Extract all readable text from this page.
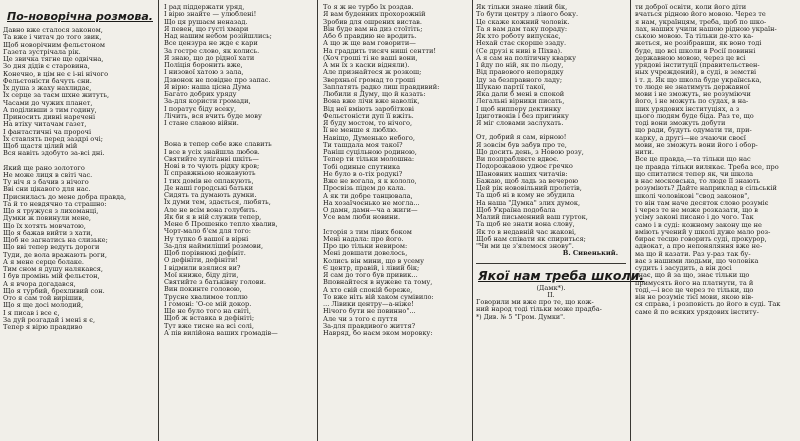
По-новорічна розмова.
Давно вже сталося законом,
Та вже і читач до того звик,
Щоб новорічним фельєтоном
Газета зустрічала рік.
Це звичка тягне ще одвічна,
Зо дня дідів є старовина,
Конечно, в цім не є і-ні нічого
Фельєтоністи бачуть сни.
Їх душа з жаху нахлидає,
Їх серце за таєм шхне житуть,
Часами до чужих планет,
А поділивши з тим годину,
Приносить дивні наречені
На втіху читачам газет,
І фантастичні ча пророчі
Їх ставлять перед заздрі очі;
Щоб щастя цілий мій
Вся навіть здобуто за-всі дні.
Який ще рано золотого
Не може лиця в світі час.
Ту ніч я з бачив з нічого
Вві сни цікавого для нас.
Присниласъ до мене добра правда,
Та й то невдячно та страшно:
Що я тружуся з лихоманці,
Думки ж повинули мене,
Що їх хотять мовчатою,
Що я бажав вийти з хати,
Щоб не загнатись на слизьке;
Що вві тепер ведуть дороги
Туди, де вола вражають роги,
А я мене серце болаке.
Тим сном я душу налякався,
І був промінь мій фельєтон,
А я вчора догадався,
Що я турбий, брехливий сон.
Ото я сам той вирішив,
Що я ще досі молодий,
І я писав і все є,
За дуй розгадай і мені я є,
Тепер я вірю правдиво
І рад піддержати уряд,
І вірю знайте — улюблені!
Що ця рушаєм неназад.
Я певен, що густі хмари
Над нашим небом розійшлись;
Все цензура не жде є кари
За гостре слово, як колись.
Я знаю, що до рідної хати
Поліція боронить вже,
І низової хатою з зала,
Дзвонок не повідне про запас.
Я вірю: наша цісна Дума
Багато добрих уряду
За-для користи громади,
І поратує біду всеку,
Лічить, вся вчить буде мову
І стане славою війни.
Вона в тепер себе вже славить
І все в усіх знайшла любов.
Святийте хуліганві шкіть—
Нові в то чують рідку кров;
Її справжньою ножавують
І тих домів не оплакують,
Де наші городські батьки
Сидять та думають думки.
Їх думи тем, здається, любять,
Але не всім вона голубить.
Як би я в ній служив тепер,
Мене б Прошенко тепло хвалив,
Чорт-мало б'єм для того:
Ну тупко б вашої в вірні
За-для наймилішиї розмови,
Щоб порівнюкі дефініт.
О дефініти, дефініти!
І відмили взялися ви?
Мої книже, біду діти,
Святийте з батьківну голови.
Вин покинте головою,
Трусне хвалимое топлю
І гомоні: 'О-се мій докор.
Ще не було того на світі,
Щоб ж вставка в дефініті;
Тут вже тисне на всі солі,
А пів вилійона ваших громадів—
То я ж не турбо їх роздав.
Я вам буденних прохорожній
Зробив для ошрених вистав.
Він буде вам на диз стоїтіть;
Або б правдию не вродить.
А що ж ще вам говорити—
На граддить тисяч ниші сентти!
(Хоч гроші ті не ваші вони,
А мн їх з каски відняли).
Але признайтеся ж розкош;
Зверхньої громад то гроші
Заплатять радко лиш правдивий:
Любили я Думу, що й казать:
Вона вже лічи вже наволік,
Від неї вміють заробіткові
Фельєтоністи дуп її вжіть.
Я буду мостом, то нічого,
Її не менше я люблю.
Навіщо, Думенько небого,
Ти ташдала моя такої?
Раніш суцільною родиною,
Тепер ти тільки молошна:
Тобі одиные спутника
Не було в о-тіх родукі?
Вже не вогала, я к кололо,
Просвізь підем до кала.
А як ти добре танцювала,
На хозаїчоєнько не могла...
О дамн, дамн—ча а жиги—
Усе вам люби новини.
Історія з тим лівих боком
Мені надала: про його.
Про цю тільки невиром:
Мені довшати довелось,
Колисъ він мини, що в усему
Є центр, правій, і лівий бік;
Я сам до того був привик...
Вповнайтеся в нужеве та тому,
А хто свій спокій береже,
То вже ніть вій хаком сумівило:
... Лівики центру—а-ніже!
Нічого бути не повинно"...
Але чи з того є пуття
За-для правдивого життя?
Навряд, бо наєм эком моровку:
Як тільки знане лівий бік,
То бути центру з лівого боку.
Це скаже кожний чоловік.
Та я вам дам таку пораду:
Як хто роботу випускає,
Нехай стає скорше ззаду.
(Се друзі к ниві в Піхва).
А я сам на політичну кварку
І йду по ній, як по льоду,
Від правового непорядку
Іду за безправного ладу;
Шукаю партії такої,
Яка дали б мені в спокой
Легальні вірники писать,
І щоб нипперу дектинку
Ідиготвоків і без пригинку
Я міг словами заслухать.
От, добрий я сам, вірною!
Я зовсім був забув про те,
Що досить день, з Новою розу,
Ви позпрабляєте вдвоє.
Подорожавою удвоє гречко
Шановних наших читачів:
Бажаю, щоб ладь за вечерою
Цей рік нововільний пролетів,
Та щоб ні в кому не збудила
На наша "Думка" злих думок,
Щоб Україна подобала
Малий письменний ваш гурток,
Та щоб не знати вона слову,
Як то в недавній час жакові,
Щоб нам співати як спириться;
"Чи ми це з'ялемося знову".
В. Сивенький.
Якої нам треба школи.
(Дамк*).
II.
Говорили ми вже про те, що кож-
ний народ тоді тільки може прадба-
*) Див. № 5 "Гром. Думки".
ти доброї освіти, коли його діти
вчаться рідною його мовою. Через те
я нам, українцям, треба, щоб по шко-
лах, наших учили нашою рідною україн-
ською мовою. Та тільки де-хто ка-
жеться, не розібравши, як воно тоді
буде, що всі школи в Росії повинні
державною мовою, через це всі
урядові інституції (правительствен-
ных учреждений), в суді, в земстві
і т. д. Як що школа буде українська,
то люде не знатимуть державної
мови і не зможуть, не розуміючи
його, і не можуть по судах, в на-
ших урядових інституціях, а з
цього людям буде біда. Раз те, що
тоді вони зможуть добути
що ради, будуть одумати ти, при-
карку, а другі—не зчаючи своєї
мови, не зможуть вони його і обор-
нити.
Все це правда,—та тільки що нас
це правда тільки вилякає. Треба все, про
що спитатися тепер як, чи школа
в нас московська, то люде її знають
розуміють? Дайте наприклад в сільській
школі чоловікові "свод законов",
то він там наче десяток слово розуміє
і через те не може розказати, що в
усіму законі писано і до чого. Так
само і в суді: кожному закону ще не
вміють учений у школі дуже мало роз-
бирає тесцю говорить суді, прокурор,
адвокат, а про непоняляння вже не-
ма що й казати. Раз у-раз так бу-
ває з нашими людьми, що чоловіка
судить і засудить, а він досі
знає, що й за що, знає тільки що
примусять його на платнути, та й
тоді,—і все це через те тільки, що
він не розуміє тієї мови, якою вів-
ся справа, і розповість до його в суді. Так
саме й по всяких урядових інститу-
